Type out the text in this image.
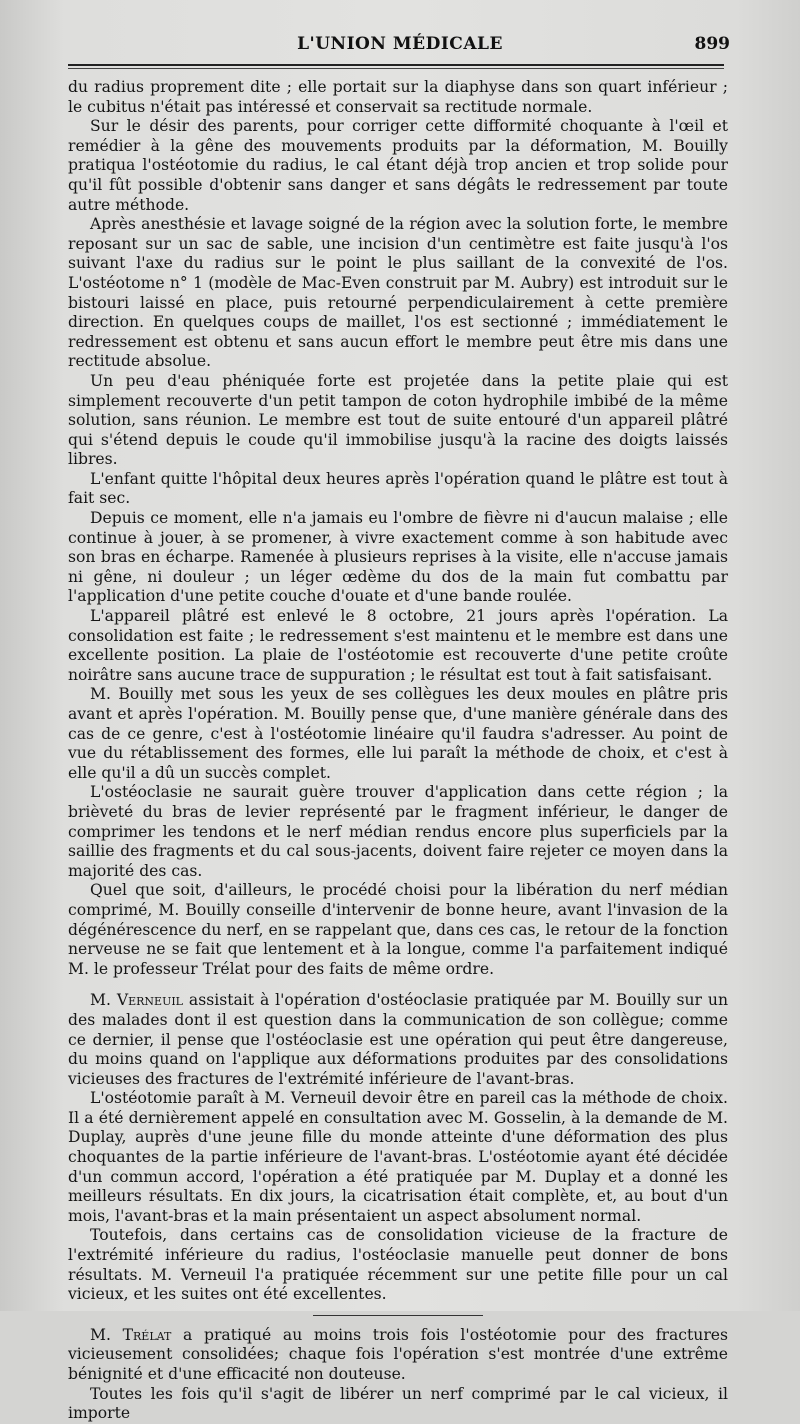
L'UNION MÉDICALE	899

du radius proprement dite ; elle portait sur la diaphyse dans son quart inférieur ; le cubitus n'était pas intéressé et conservait sa rectitude normale.

Sur le désir des parents, pour corriger cette difformité choquante à l'œil et remédier à la gêne des mouvements produits par la déformation, M. Bouilly pratiqua l'ostéotomie du radius, le cal étant déjà trop ancien et trop solide pour qu'il fût possible d'obtenir sans danger et sans dégâts le redressement par toute autre méthode.

Après anesthésie et lavage soigné de la région avec la solution forte, le membre reposant sur un sac de sable, une incision d'un centimètre est faite jusqu'à l'os suivant l'axe du radius sur le point le plus saillant de la convexité de l'os. L'ostéotome n° 1 (modèle de Mac-Even construit par M. Aubry) est introduit sur le bistouri laissé en place, puis retourné perpendiculairement à cette première direction. En quelques coups de maillet, l'os est sectionné ; immédiatement le redressement est obtenu et sans aucun effort le membre peut être mis dans une rectitude absolue.

Un peu d'eau phéniquée forte est projetée dans la petite plaie qui est simplement recouverte d'un petit tampon de coton hydrophile imbibé de la même solution, sans réunion. Le membre est tout de suite entouré d'un appareil plâtré qui s'étend depuis le coude qu'il immobilise jusqu'à la racine des doigts laissés libres.

L'enfant quitte l'hôpital deux heures après l'opération quand le plâtre est tout à fait sec.

Depuis ce moment, elle n'a jamais eu l'ombre de fièvre ni d'aucun malaise ; elle continue à jouer, à se promener, à vivre exactement comme à son habitude avec son bras en écharpe. Ramenée à plusieurs reprises à la visite, elle n'accuse jamais ni gêne, ni douleur ; un léger œdème du dos de la main fut combattu par l'application d'une petite couche d'ouate et d'une bande roulée.

L'appareil plâtré est enlevé le 8 octobre, 21 jours après l'opération. La consolidation est faite ; le redressement s'est maintenu et le membre est dans une excellente position. La plaie de l'ostéotomie est recouverte d'une petite croûte noirâtre sans aucune trace de suppuration ; le résultat est tout à fait satisfaisant.

M. Bouilly met sous les yeux de ses collègues les deux moules en plâtre pris avant et après l'opération. M. Bouilly pense que, d'une manière générale dans des cas de ce genre, c'est à l'ostéotomie linéaire qu'il faudra s'adresser. Au point de vue du rétablissement des formes, elle lui paraît la méthode de choix, et c'est à elle qu'il a dû un succès complet.

L'ostéoclasie ne saurait guère trouver d'application dans cette région ; la brièveté du bras de levier représenté par le fragment inférieur, le danger de comprimer les tendons et le nerf médian rendus encore plus superficiels par la saillie des fragments et du cal sous-jacents, doivent faire rejeter ce moyen dans la majorité des cas.

Quel que soit, d'ailleurs, le procédé choisi pour la libération du nerf médian comprimé, M. Bouilly conseille d'intervenir de bonne heure, avant l'invasion de la dégénérescence du nerf, en se rappelant que, dans ces cas, le retour de la fonction nerveuse ne se fait que lentement et à la longue, comme l'a parfaitement indiqué M. le professeur Trélat pour des faits de même ordre.

M. Verneuil assistait à l'opération d'ostéoclasie pratiquée par M. Bouilly sur un des malades dont il est question dans la communication de son collègue; comme ce dernier, il pense que l'ostéoclasie est une opération qui peut être dangereuse, du moins quand on l'applique aux déformations produites par des consolidations vicieuses des fractures de l'extrémité inférieure de l'avant-bras.

L'ostéotomie paraît à M. Verneuil devoir être en pareil cas la méthode de choix. Il a été dernièrement appelé en consultation avec M. Gosselin, à la demande de M. Duplay, auprès d'une jeune fille du monde atteinte d'une déformation des plus choquantes de la partie inférieure de l'avant-bras. L'ostéotomie ayant été décidée d'un commun accord, l'opération a été pratiquée par M. Duplay et a donné les meilleurs résultats. En dix jours, la cicatrisation était complète, et, au bout d'un mois, l'avant-bras et la main présentaient un aspect absolument normal.

Toutefois, dans certains cas de consolidation vicieuse de la fracture de l'extrémité inférieure du radius, l'ostéoclasie manuelle peut donner de bons résultats. M. Verneuil l'a pratiquée récemment sur une petite fille pour un cal vicieux, et les suites ont été excellentes.

M. Trélat a pratiqué au moins trois fois l'ostéotomie pour des fractures vicieusement consolidées; chaque fois l'opération s'est montrée d'une extrême bénignité et d'une efficacité non douteuse.

Toutes les fois qu'il s'agit de libérer un nerf comprimé par le cal vicieux, il importe
